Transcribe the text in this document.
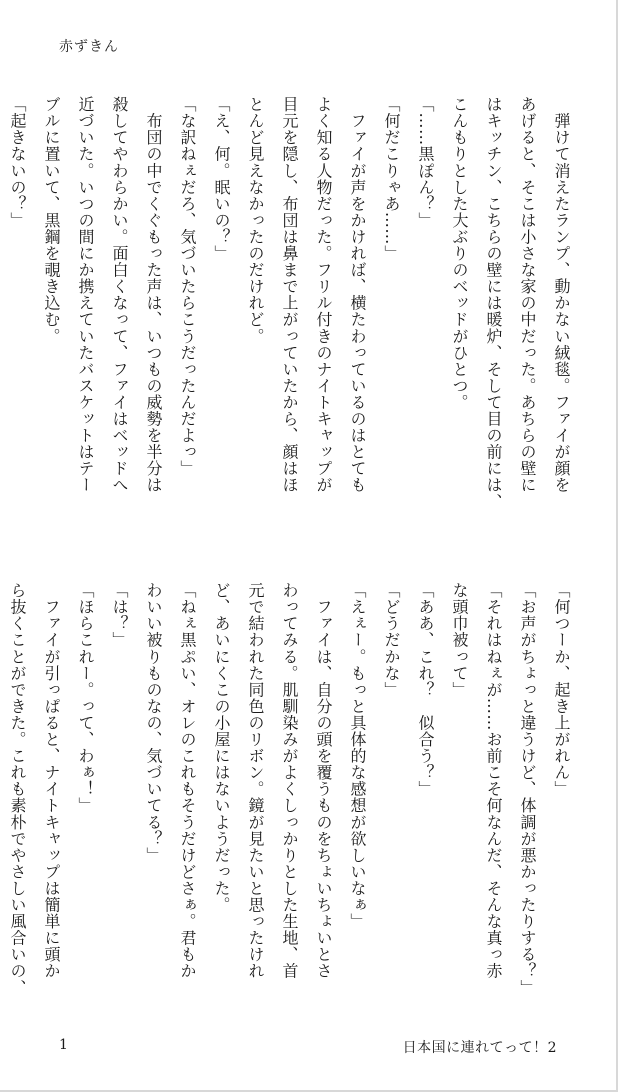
赤ずきん
　弾けて消えたランプ、動かない絨毯。ファイが顔を
あげると、そこは小さな家の中だった。あちらの壁に
はキッチン、こちらの壁には暖炉、そして目の前には、
こんもりとした大ぶりのベッドがひとつ。
「……黒ぽん？」
「何だこりゃあ……」
　ファイが声をかければ、横たわっているのはとても
よく知る人物だった。フリル付きのナイトキャップが
目元を隠し、布団は鼻まで上がっていたから、顔はほ
とんど見えなかったのだけれど。
「え、何。眠いの？」
「な訳ねぇだろ、気づいたらこうだったんだよっ」
　布団の中でくぐもった声は、いつもの威勢を半分は
殺してやわらかい。面白くなって、ファイはベッドへ
近づいた。いつの間にか携えていたバスケットはテー
ブルに置いて、黒鋼を覗き込む。
「起きないの？」
「何つーか、起き上がれん」
「お声がちょっと違うけど、体調が悪かったりする？」
「それはねぇが……お前こそ何なんだ、そんな真っ赤
な頭巾被って」
「ああ、これ？　似合う？」
「どうだかな」
「えぇー。もっと具体的な感想が欲しいなぁ」
　ファイは、自分の頭を覆うものをちょいちょいとさ
わってみる。肌馴染みがよくしっかりとした生地、首
元で結われた同色のリボン。鏡が見たいと思ったけれ
ど、あいにくこの小屋にはないようだった。
「ねぇ黒ぷい、オレのこれもそうだけどさぁ。君もか
わいい被りものなの、気づいてる？」
「は？」
「ほらこれー。って、わぁ！」
　ファイが引っぱると、ナイトキャップは簡単に頭か
ら抜くことができた。これも素朴でやさしい風合いの、
1	日本国に連れてって！2
